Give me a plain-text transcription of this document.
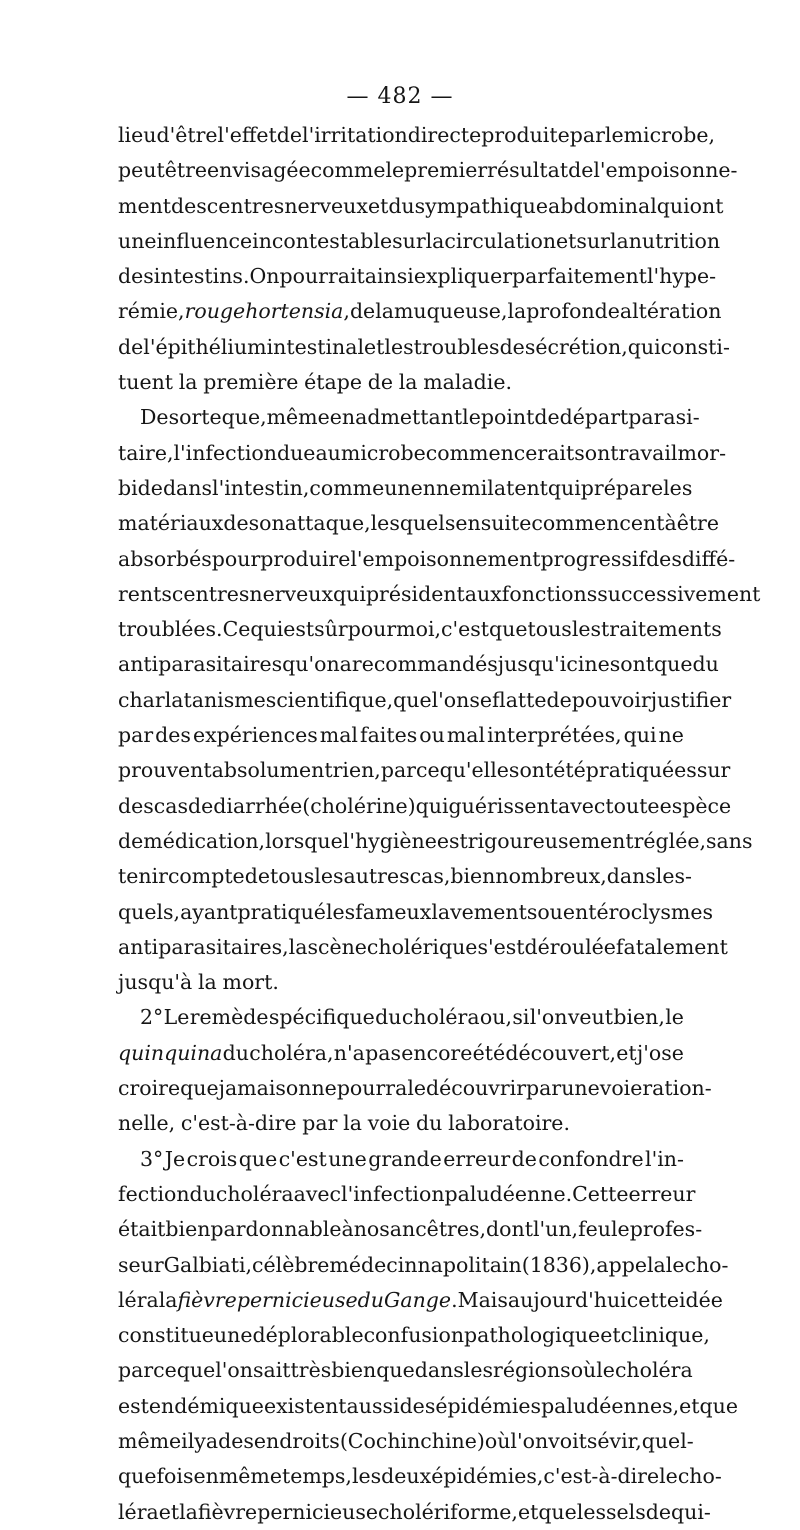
— 482 —
lieu d'être l'effet de l'irritation directe produite par le microbe,
peut être envisagée comme le premier résultat de l'empoisonne-
ment des centres nerveux et du sympathique abdominal qui ont
une influence incontestable sur la circulation et sur la nutrition
des intestins. On pourrait ainsi expliquer parfaitement l'hype-
rémie, rouge hortensia, de la muqueuse, la profonde altération
de l'épithélium intestinal et les troubles de sécrétion, qui consti-
tuent la première étape de la maladie.
De sorte que, même en admettant le point de départ parasi-
taire, l'infection due au microbe commencerait son travail mor-
bide dans l'intestin, comme un ennemi latent qui prépare les
matériaux de son attaque, lesquels ensuite commencent à être
absorbés pour produire l'empoisonnement progressif des diffé-
rents centres nerveux qui président aux fonctions successivement
troublées. Ce qui est sûr pour moi, c'est que tous les traitements
antiparasitaires qu'on a recommandés jusqu'ici ne sont que du
charlatanisme scientifique, que l'on se flatte de pouvoir justifier
par des expériences mal faites ou mal interprétées, qui ne
prouvent absolument rien, parce qu'elles ont été pratiquées sur
des cas de diarrhée (cholérine) qui guérissent avec toute espèce
de médication, lorsque l'hygiène est rigoureusement réglée, sans
tenir compte de tous les autres cas, bien nombreux, dans les-
quels, ayant pratiqué les fameux lavements ou entéroclysmes
antiparasitaires, la scène cholérique s'est déroulée fatalement
jusqu'à la mort.
2° Le remède spécifique du choléra ou, si l'on veut bien, le
quinquina du choléra, n'a pas encore été découvert, et j'ose
croire que jamais on ne pourra le découvrir par une voie ration-
nelle, c'est-à-dire par la voie du laboratoire.
3° Je crois que c'est une grande erreur de confondre l'in-
fection du choléra avec l'infection paludéenne. Cette erreur
était bien pardonnable à nos ancêtres, dont l'un, feu le profes-
seur Galbiati, célèbre médecin napolitain (1836), appela le cho-
léra la fièvre pernicieuse du Gange. Mais aujourd'hui cette idée
constitue une déplorable confusion pathologique et clinique,
parce que l'on sait très bien que dans les régions où le choléra
est endémique existent aussi des épidémies paludéennes, et que
même il y a des endroits (Cochinchine) où l'on voit sévir, quel-
quefois en même temps, les deux épidémies, c'est-à-dire le cho-
léra et la fièvre pernicieuse cholériforme, et que les sels de qui-
